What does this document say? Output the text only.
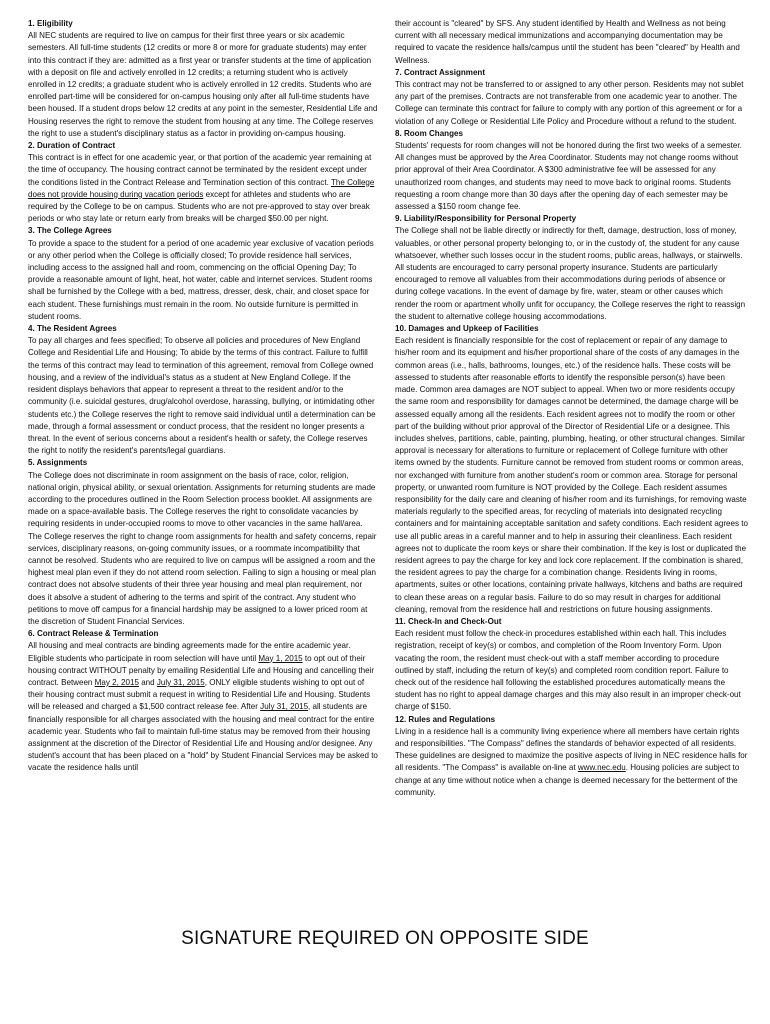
1. Eligibility
All NEC students are required to live on campus for their first three years or six academic semesters. All full-time students (12 credits or more 8 or more for graduate students) may enter into this contract if they are: admitted as a first year or transfer students at the time of application with a deposit on file and actively enrolled in 12 credits; a returning student who is actively enrolled in 12 credits; a graduate student who is actively enrolled in 12 credits. Students who are enrolled part-time will be considered for on-campus housing only after all full-time students have been housed. If a student drops below 12 credits at any point in the semester, Residential Life and Housing reserves the right to remove the student from housing at any time. The College reserves the right to use a student's disciplinary status as a factor in providing on-campus housing.
2. Duration of Contract
This contract is in effect for one academic year, or that portion of the academic year remaining at the time of occupancy. The housing contract cannot be terminated by the resident except under the conditions listed in the Contract Release and Termination section of this contract. The College does not provide housing during vacation periods except for athletes and students who are required by the College to be on campus. Students who are not pre-approved to stay over break periods or who stay late or return early from breaks will be charged $50.00 per night.
3. The College Agrees
To provide a space to the student for a period of one academic year exclusive of vacation periods or any other period when the College is officially closed; To provide residence hall services, including access to the assigned hall and room, commencing on the official Opening Day; To provide a reasonable amount of light, heat, hot water, cable and internet services. Student rooms shall be furnished by the College with a bed, mattress, dresser, desk, chair, and closet space for each student. These furnishings must remain in the room. No outside furniture is permitted in student rooms.
4. The Resident Agrees
To pay all charges and fees specified; To observe all policies and procedures of New England College and Residential Life and Housing; To abide by the terms of this contract. Failure to fulfill the terms of this contract may lead to termination of this agreement, removal from College owned housing, and a review of the individual's status as a student at New England College. If the resident displays behaviors that appear to represent a threat to the resident and/or to the community (i.e. suicidal gestures, drug/alcohol overdose, harassing, bullying, or intimidating other students etc.) the College reserves the right to remove said individual until a determination can be made, through a formal assessment or conduct process, that the resident no longer presents a threat. In the event of serious concerns about a resident's health or safety, the College reserves the right to notify the resident's parents/legal guardians.
5. Assignments
The College does not discriminate in room assignment on the basis of race, color, religion, national origin, physical ability, or sexual orientation. Assignments for returning students are made according to the procedures outlined in the Room Selection process booklet. All assignments are made on a space-available basis. The College reserves the right to consolidate vacancies by requiring residents in under-occupied rooms to move to other vacancies in the same hall/area. The College reserves the right to change room assignments for health and safety concerns, repair services, disciplinary reasons, on-going community issues, or a roommate incompatibility that cannot be resolved. Students who are required to live on campus will be assigned a room and the highest meal plan even if they do not attend room selection. Failing to sign a housing or meal plan contract does not absolve students of their three year housing and meal plan requirement, nor does it absolve a student of adhering to the terms and spirit of the contract. Any student who petitions to move off campus for a financial hardship may be assigned to a lower priced room at the discretion of Student Financial Services.
6. Contract Release & Termination
All housing and meal contracts are binding agreements made for the entire academic year. Eligible students who participate in room selection will have until May 1, 2015 to opt out of their housing contract WITHOUT penalty by emailing Residential Life and Housing and cancelling their contract. Between May 2, 2015 and July 31, 2015, ONLY eligible students wishing to opt out of their housing contract must submit a request in writing to Residential Life and Housing. Students will be released and charged a $1,500 contract release fee. After July 31, 2015, all students are financially responsible for all charges associated with the housing and meal contract for the entire academic year. Students who fail to maintain full-time status may be removed from their housing assignment at the discretion of the Director of Residential Life and Housing and/or designee. Any student's account that has been placed on a "hold" by Student Financial Services may be asked to vacate the residence halls until
their account is "cleared" by SFS. Any student identified by Health and Wellness as not being current with all necessary medical immunizations and accompanying documentation may be required to vacate the residence halls/campus until the student has been "cleared" by Health and Wellness.
7. Contract Assignment
This contract may not be transferred to or assigned to any other person. Residents may not sublet any part of the premises. Contracts are not transferable from one academic year to another. The College can terminate this contract for failure to comply with any portion of this agreement or for a violation of any College or Residential Life Policy and Procedure without a refund to the student.
8. Room Changes
Students' requests for room changes will not be honored during the first two weeks of a semester. All changes must be approved by the Area Coordinator. Students may not change rooms without prior approval of their Area Coordinator. A $300 administrative fee will be assessed for any unauthorized room changes, and students may need to move back to original rooms. Students requesting a room change more than 30 days after the opening day of each semester may be assessed a $150 room change fee.
9. Liability/Responsibility for Personal Property
The College shall not be liable directly or indirectly for theft, damage, destruction, loss of money, valuables, or other personal property belonging to, or in the custody of, the student for any cause whatsoever, whether such losses occur in the student rooms, public areas, hallways, or stairwells. All students are encouraged to carry personal property insurance. Students are particularly encouraged to remove all valuables from their accommodations during periods of absence or during college vacations. In the event of damage by fire, water, steam or other causes which render the room or apartment wholly unfit for occupancy, the College reserves the right to reassign the student to alternative college housing accommodations.
10. Damages and Upkeep of Facilities
Each resident is financially responsible for the cost of replacement or repair of any damage to his/her room and its equipment and his/her proportional share of the costs of any damages in the common areas (i.e., halls, bathrooms, lounges, etc.) of the residence halls. These costs will be assessed to students after reasonable efforts to identify the responsible person(s) have been made. Common area damages are NOT subject to appeal. When two or more residents occupy the same room and responsibility for damages cannot be determined, the damage charge will be assessed equally among all the residents. Each resident agrees not to modify the room or other part of the building without prior approval of the Director of Residential Life or a designee. This includes shelves, partitions, cable, painting, plumbing, heating, or other structural changes. Similar approval is necessary for alterations to furniture or replacement of College furniture with other items owned by the students. Furniture cannot be removed from student rooms or common areas, nor exchanged with furniture from another student's room or common area. Storage for personal property, or unwanted room furniture is NOT provided by the College. Each resident assumes responsibility for the daily care and cleaning of his/her room and its furnishings, for removing waste materials regularly to the specified areas, for recycling of materials into designated recycling containers and for maintaining acceptable sanitation and safety conditions. Each resident agrees to use all public areas in a careful manner and to help in assuring their cleanliness. Each resident agrees not to duplicate the room keys or share their combination. If the key is lost or duplicated the resident agrees to pay the charge for key and lock core replacement. If the combination is shared, the resident agrees to pay the charge for a combination change. Residents living in rooms, apartments, suites or other locations, containing private hallways, kitchens and baths are required to clean these areas on a regular basis. Failure to do so may result in charges for additional cleaning, removal from the residence hall and restrictions on future housing assignments.
11. Check-In and Check-Out
Each resident must follow the check-in procedures established within each hall. This includes registration, receipt of key(s) or combos, and completion of the Room Inventory Form. Upon vacating the room, the resident must check-out with a staff member according to procedure outlined by staff, including the return of key(s) and completed room condition report. Failure to check out of the residence hall following the established procedures automatically means the student has no right to appeal damage charges and this may also result in an improper check-out charge of $150.
12. Rules and Regulations
Living in a residence hall is a community living experience where all members have certain rights and responsibilities. "The Compass" defines the standards of behavior expected of all residents. These guidelines are designed to maximize the positive aspects of living in NEC residence halls for all residents. "The Compass" is available on-line at www.nec.edu. Housing policies are subject to change at any time without notice when a change is deemed necessary for the betterment of the community.
SIGNATURE REQUIRED ON OPPOSITE SIDE
